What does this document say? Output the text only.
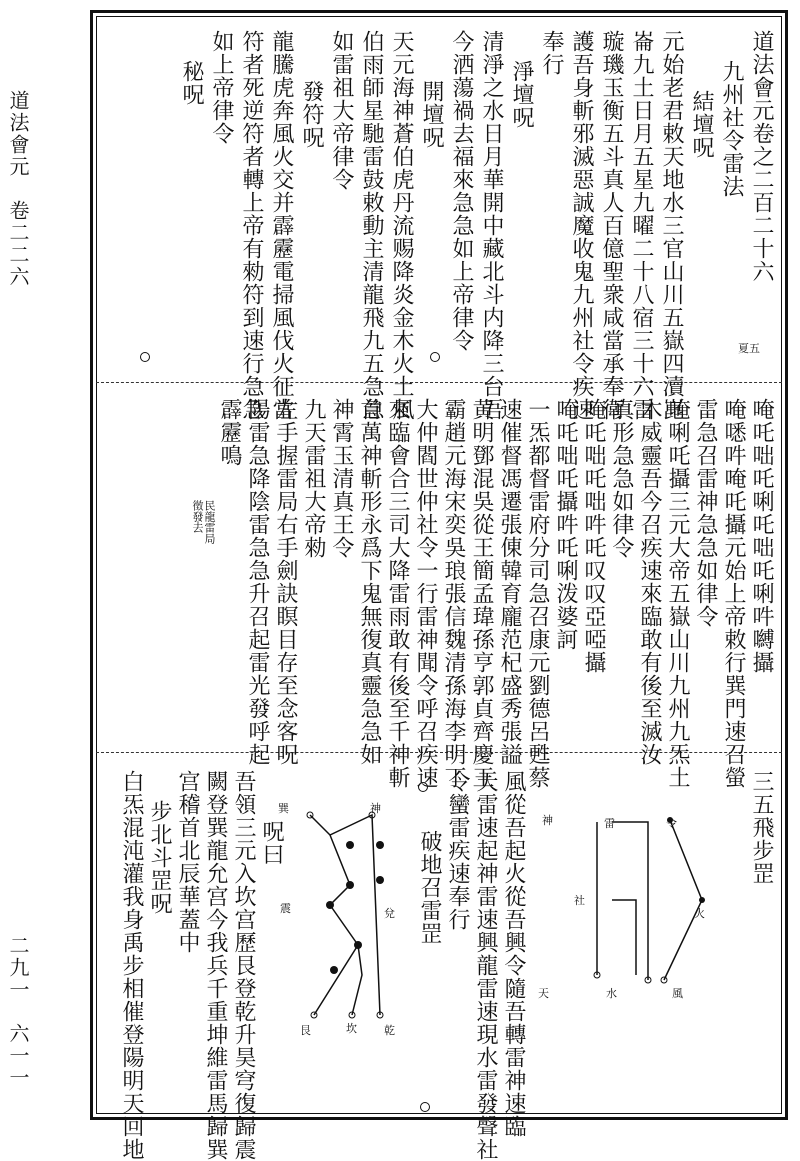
道法會元　卷二二六
二九一　六一一
道法會元卷之二百二十六
九州社令雷法
結壇呪
元始老君敕天地水三官山川五嶽四瀆崑
崙九土日月五星九曜二十八宿三十六雷
璇璣玉衡五斗真人百億聖衆咸當承奉衛
護吾身斬邪滅惡誠魔收鬼九州社令疾速
奉行
夏五
淨壇呪
清淨之水日月華開中藏北斗内降三台吾
今洒蕩禍去福來急急如上帝律令
開壇呪
天元海神蒼伯虎丹流赐降炎金木火土風
伯雨師星馳雷鼓敕動主清龍飛九五急急
如雷祖大帝律令
發符呪
龍騰虎奔風火交并霹靂電掃風伐火征當
符者死逆符者轉上帝有勑符到速行急急
如上帝律令
秘呪
唵吒咄吒唎吒咄吒唎吽嚩攝
唵㗭吽唵吒攝元始上帝敕行巽門速召螢
雷急召雷神急急如律令
唵唎吒攝三元大帝五嶽山川九州九炁土
木威靈吾今召疾速來臨敢有後至滅汝
真形急急如律令
唵吒咄吒咄吽吒叹叹亞啞攝
唵吒咄吒攝吽吒唎泼婆訶
一炁都督雷府分司急召康元劉德呂甦蔡
速催督馮遷張倲韓育龐范杞盛秀張謚
黄明鄧混吳從王簡孟瑋孫亨郭貞齊慶王
霸趙元海宋奕吳琅張信魏清孫海李明丁
大仲閻世仲社令一行雷神聞令呼召疾速
來臨會合三司大降雷雨敢有後至千神斬
首萬神斬形永爲下鬼無復真靈急急如
神霄玉清真王令
九天雷祖大帝勑
左手握雷局右手劍訣瞑目存至念客呪
陽雷急降陰雷急急升召起雷光發呼起
霹靂鳴
民龍雷局
徵發去
三五飛步罡
令
火
社
風
水
雷
神
天
風從吾起火從吾興令隨吾轉雷神速臨
天雷速起神雷速興龍雷速現水雷發聲社
令蠻雷疾速奉行
破地召雷罡
巽	神
震	兌
艮	坎 乾
呪曰
吾領三元入坎宫歷艮登乾升昊穹復歸震
闕登巽龍允宫今我兵千重坤維雷馬歸巽
宫稽首北辰華蓋中
步北斗罡呪
白炁混沌灌我身禹步相催登陽明天回地
